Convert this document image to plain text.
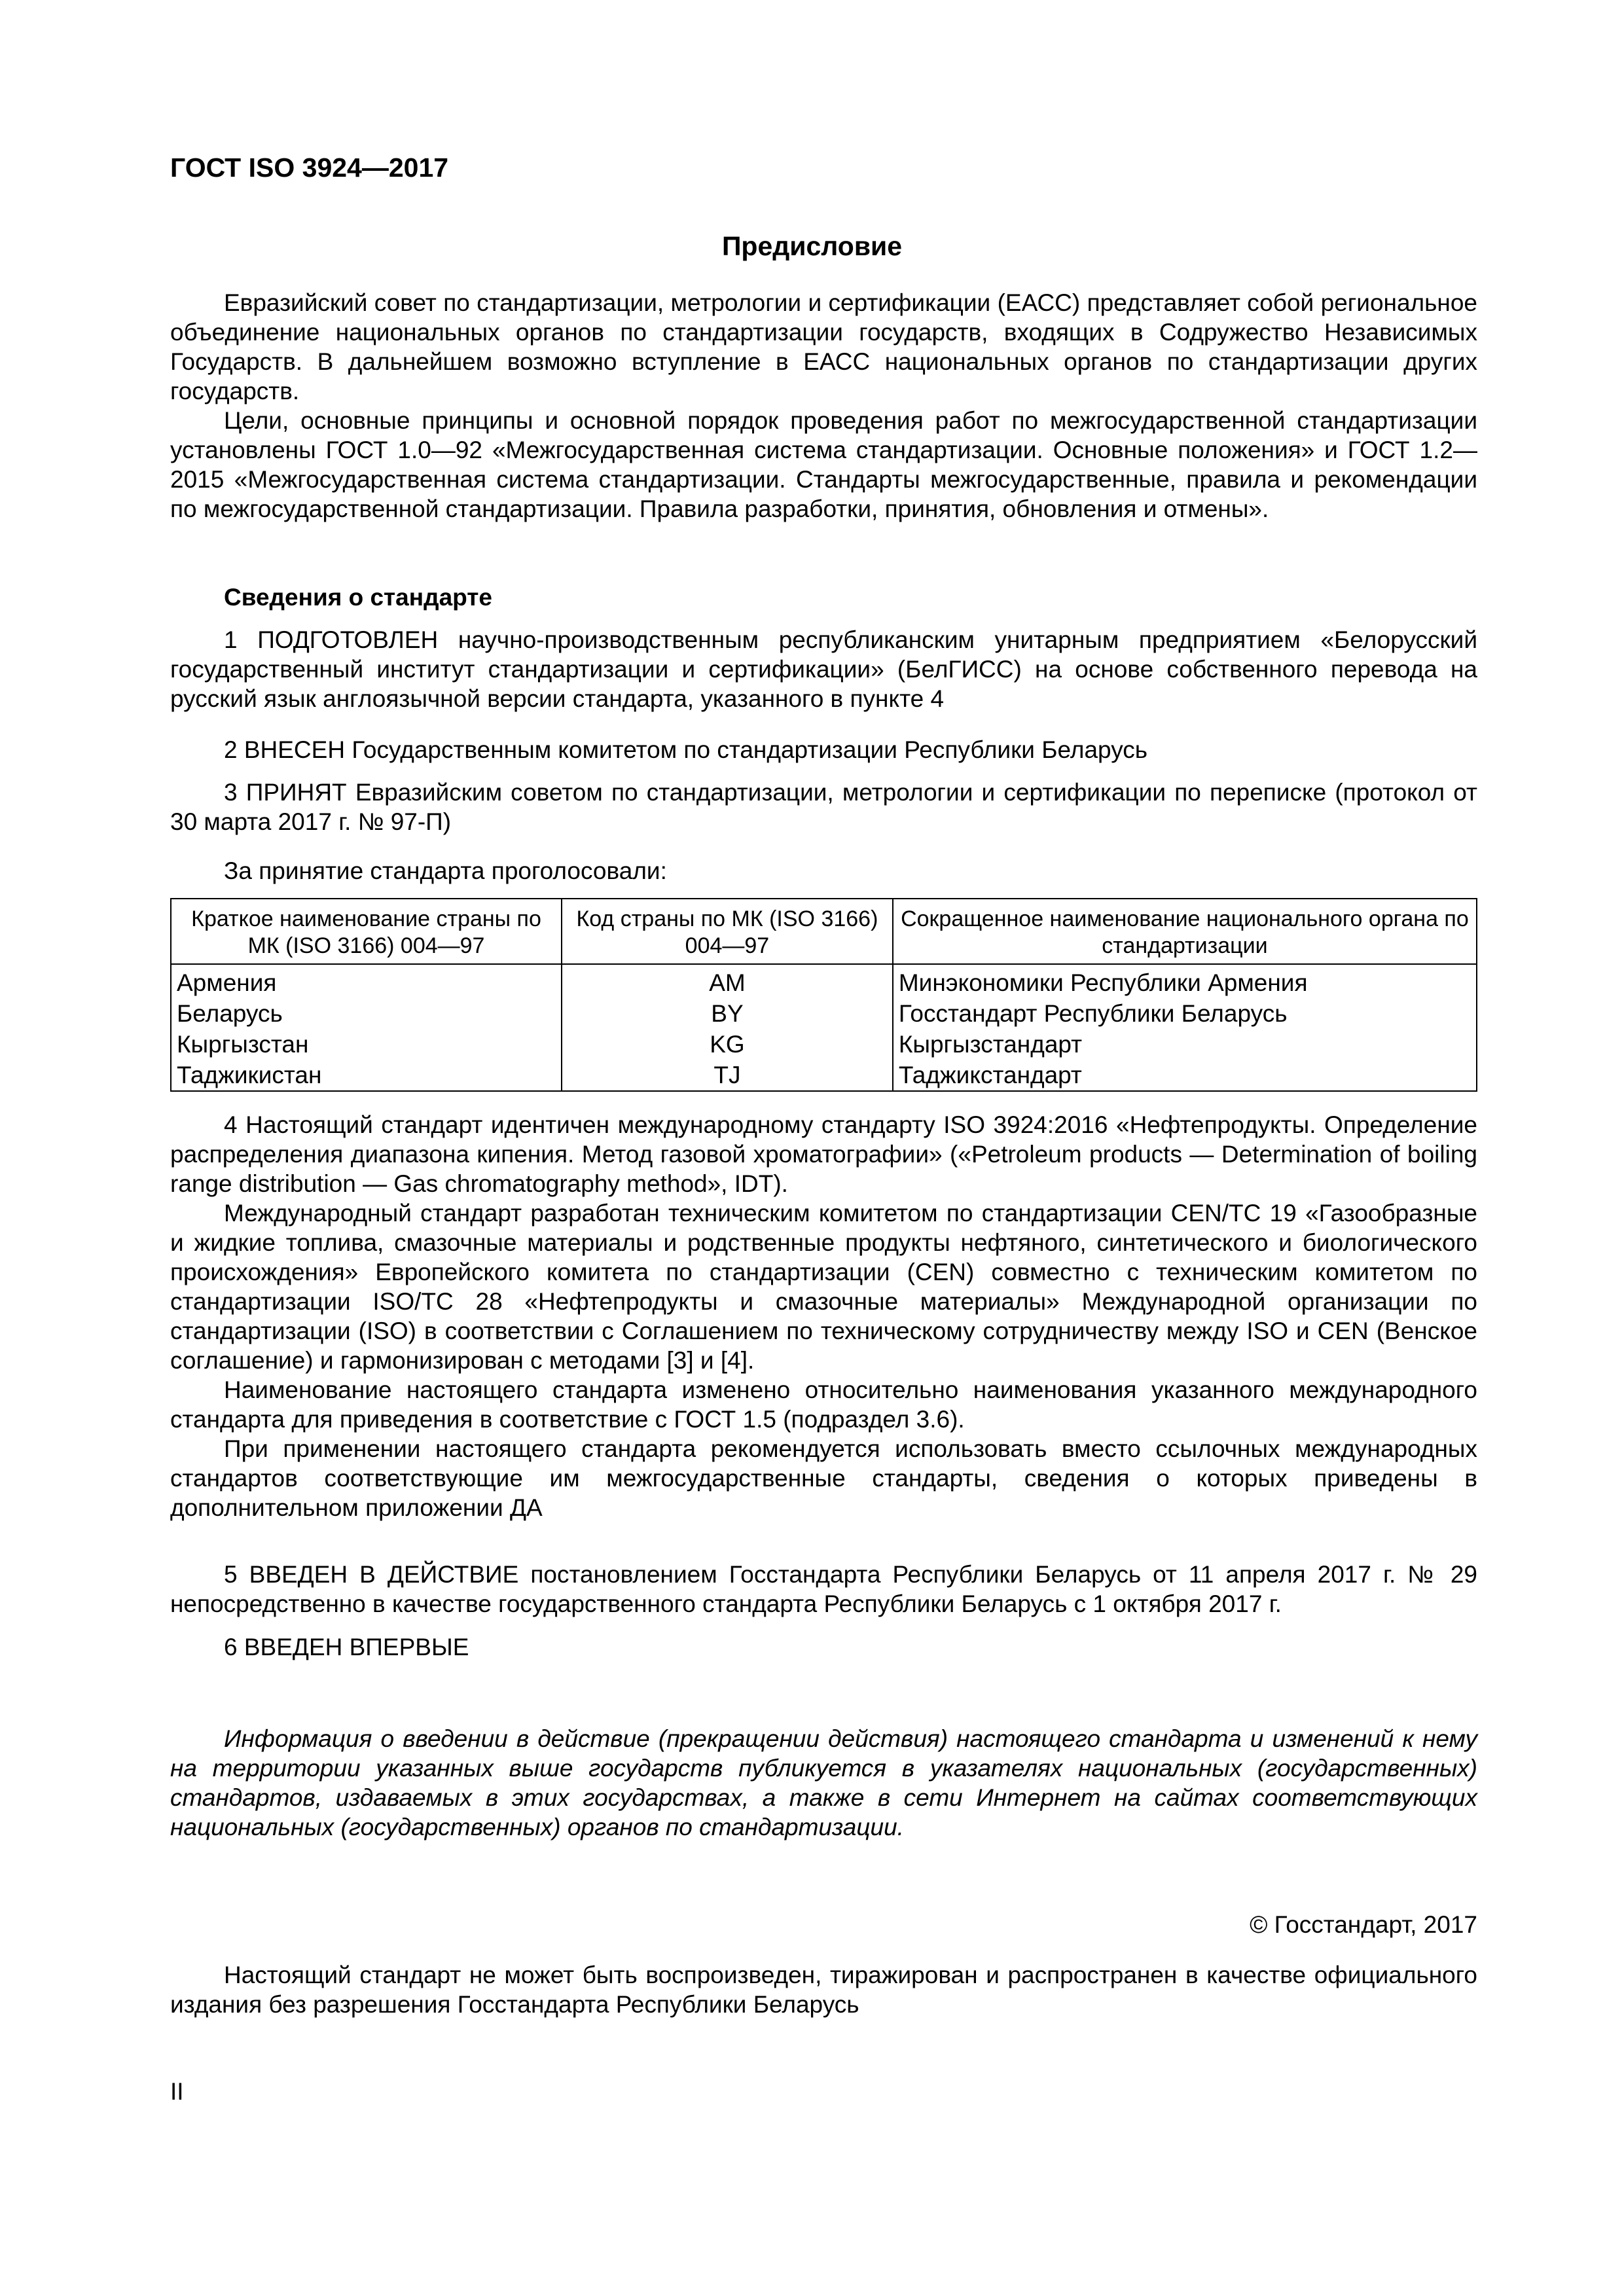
ГОСТ ISO 3924—2017
Предисловие

Евразийский совет по стандартизации, метрологии и сертификации (ЕАСС) представляет собой региональное объединение национальных органов по стандартизации государств, входящих в Содружество Независимых Государств. В дальнейшем возможно вступление в ЕАСС национальных органов по стандартизации других государств.

Цели, основные принципы и основной порядок проведения работ по межгосударственной стандартизации установлены ГОСТ 1.0—92 «Межгосударственная система стандартизации. Основные положения» и ГОСТ 1.2—2015 «Межгосударственная система стандартизации. Стандарты межгосударственные, правила и рекомендации по межгосударственной стандартизации. Правила разработки, принятия, обновления и отмены».

Сведения о стандарте

1 ПОДГОТОВЛЕН научно-производственным республиканским унитарным предприятием «Белорусский государственный институт стандартизации и сертификации» (БелГИСС) на основе собственного перевода на русский язык англоязычной версии стандарта, указанного в пункте 4

2 ВНЕСЕН Государственным комитетом по стандартизации Республики Беларусь

3 ПРИНЯТ Евразийским советом по стандартизации, метрологии и сертификации по переписке (протокол от 30 марта 2017 г. № 97-П)

За принятие стандарта проголосовали:
Краткое наименование страны по МК (ISO 3166) 004—97	Код страны по МК (ISO 3166) 004—97	Сокращенное наименование национального органа по стандартизации
Армения	AM	Минэкономики Республики Армения
Беларусь	BY	Госстандарт Республики Беларусь
Кыргызстан	KG	Кыргызстандарт
Таджикистан	TJ	Таджикстандарт

4 Настоящий стандарт идентичен международному стандарту ISO 3924:2016 «Нефтепродукты. Определение распределения диапазона кипения. Метод газовой хроматографии» («Petroleum products — Determination of boiling range distribution — Gas chromatography method», IDT).

Международный стандарт разработан техническим комитетом по стандартизации CEN/TC 19 «Газообразные и жидкие топлива, смазочные материалы и родственные продукты нефтяного, синтетического и биологического происхождения» Европейского комитета по стандартизации (CEN) совместно с техническим комитетом по стандартизации ISO/TC 28 «Нефтепродукты и смазочные материалы» Международной организации по стандартизации (ISO) в соответствии с Соглашением по техническому сотрудничеству между ISO и CEN (Венское соглашение) и гармонизирован с методами [3] и [4].

Наименование настоящего стандарта изменено относительно наименования указанного международного стандарта для приведения в соответствие с ГОСТ 1.5 (подраздел 3.6).

При применении настоящего стандарта рекомендуется использовать вместо ссылочных международных стандартов соответствующие им межгосударственные стандарты, сведения о которых приведены в дополнительном приложении ДА

5 ВВЕДЕН В ДЕЙСТВИЕ постановлением Госстандарта Республики Беларусь от 11 апреля 2017 г. № 29 непосредственно в качестве государственного стандарта Республики Беларусь с 1 октября 2017 г.

6 ВВЕДЕН ВПЕРВЫЕ

Информация о введении в действие (прекращении действия) настоящего стандарта и изменений к нему на территории указанных выше государств публикуется в указателях национальных (государственных) стандартов, издаваемых в этих государствах, а также в сети Интернет на сайтах соответствующих национальных (государственных) органов по стандартизации.

© Госстандарт, 2017

Настоящий стандарт не может быть воспроизведен, тиражирован и распространен в качестве официального издания без разрешения Госстандарта Республики Беларусь

II
